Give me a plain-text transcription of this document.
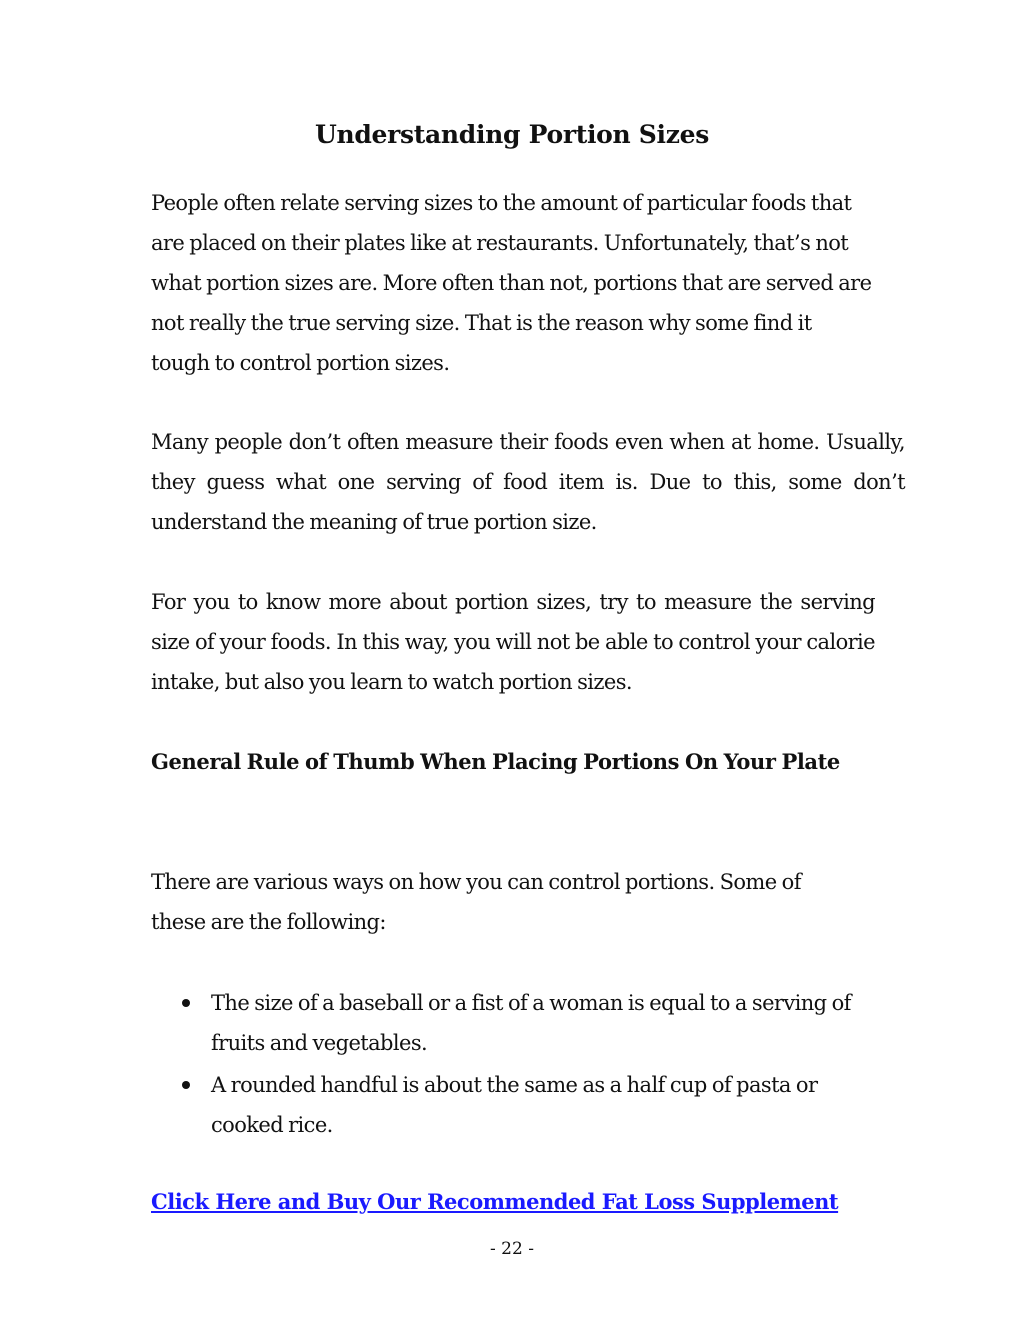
Understanding Portion Sizes

People often relate serving sizes to the amount of particular foods that are placed on their plates like at restaurants. Unfortunately, that’s not what portion sizes are. More often than not, portions that are served are not really the true serving size. That is the reason why some find it tough to control portion sizes.

Many people don’t often measure their foods even when at home. Usually, they guess what one serving of food item is. Due to this, some don’t understand the meaning of true portion size.

For you to know more about portion sizes, try to measure the serving size of your foods. In this way, you will not be able to control your calorie intake, but also you learn to watch portion sizes.

General Rule of Thumb When Placing Portions On Your Plate

There are various ways on how you can control portions. Some of these are the following:

The size of a baseball or a fist of a woman is equal to a serving of fruits and vegetables.
A rounded handful is about the same as a half cup of pasta or cooked rice.
Click Here and Buy Our Recommended Fat Loss Supplement
- 22 -
